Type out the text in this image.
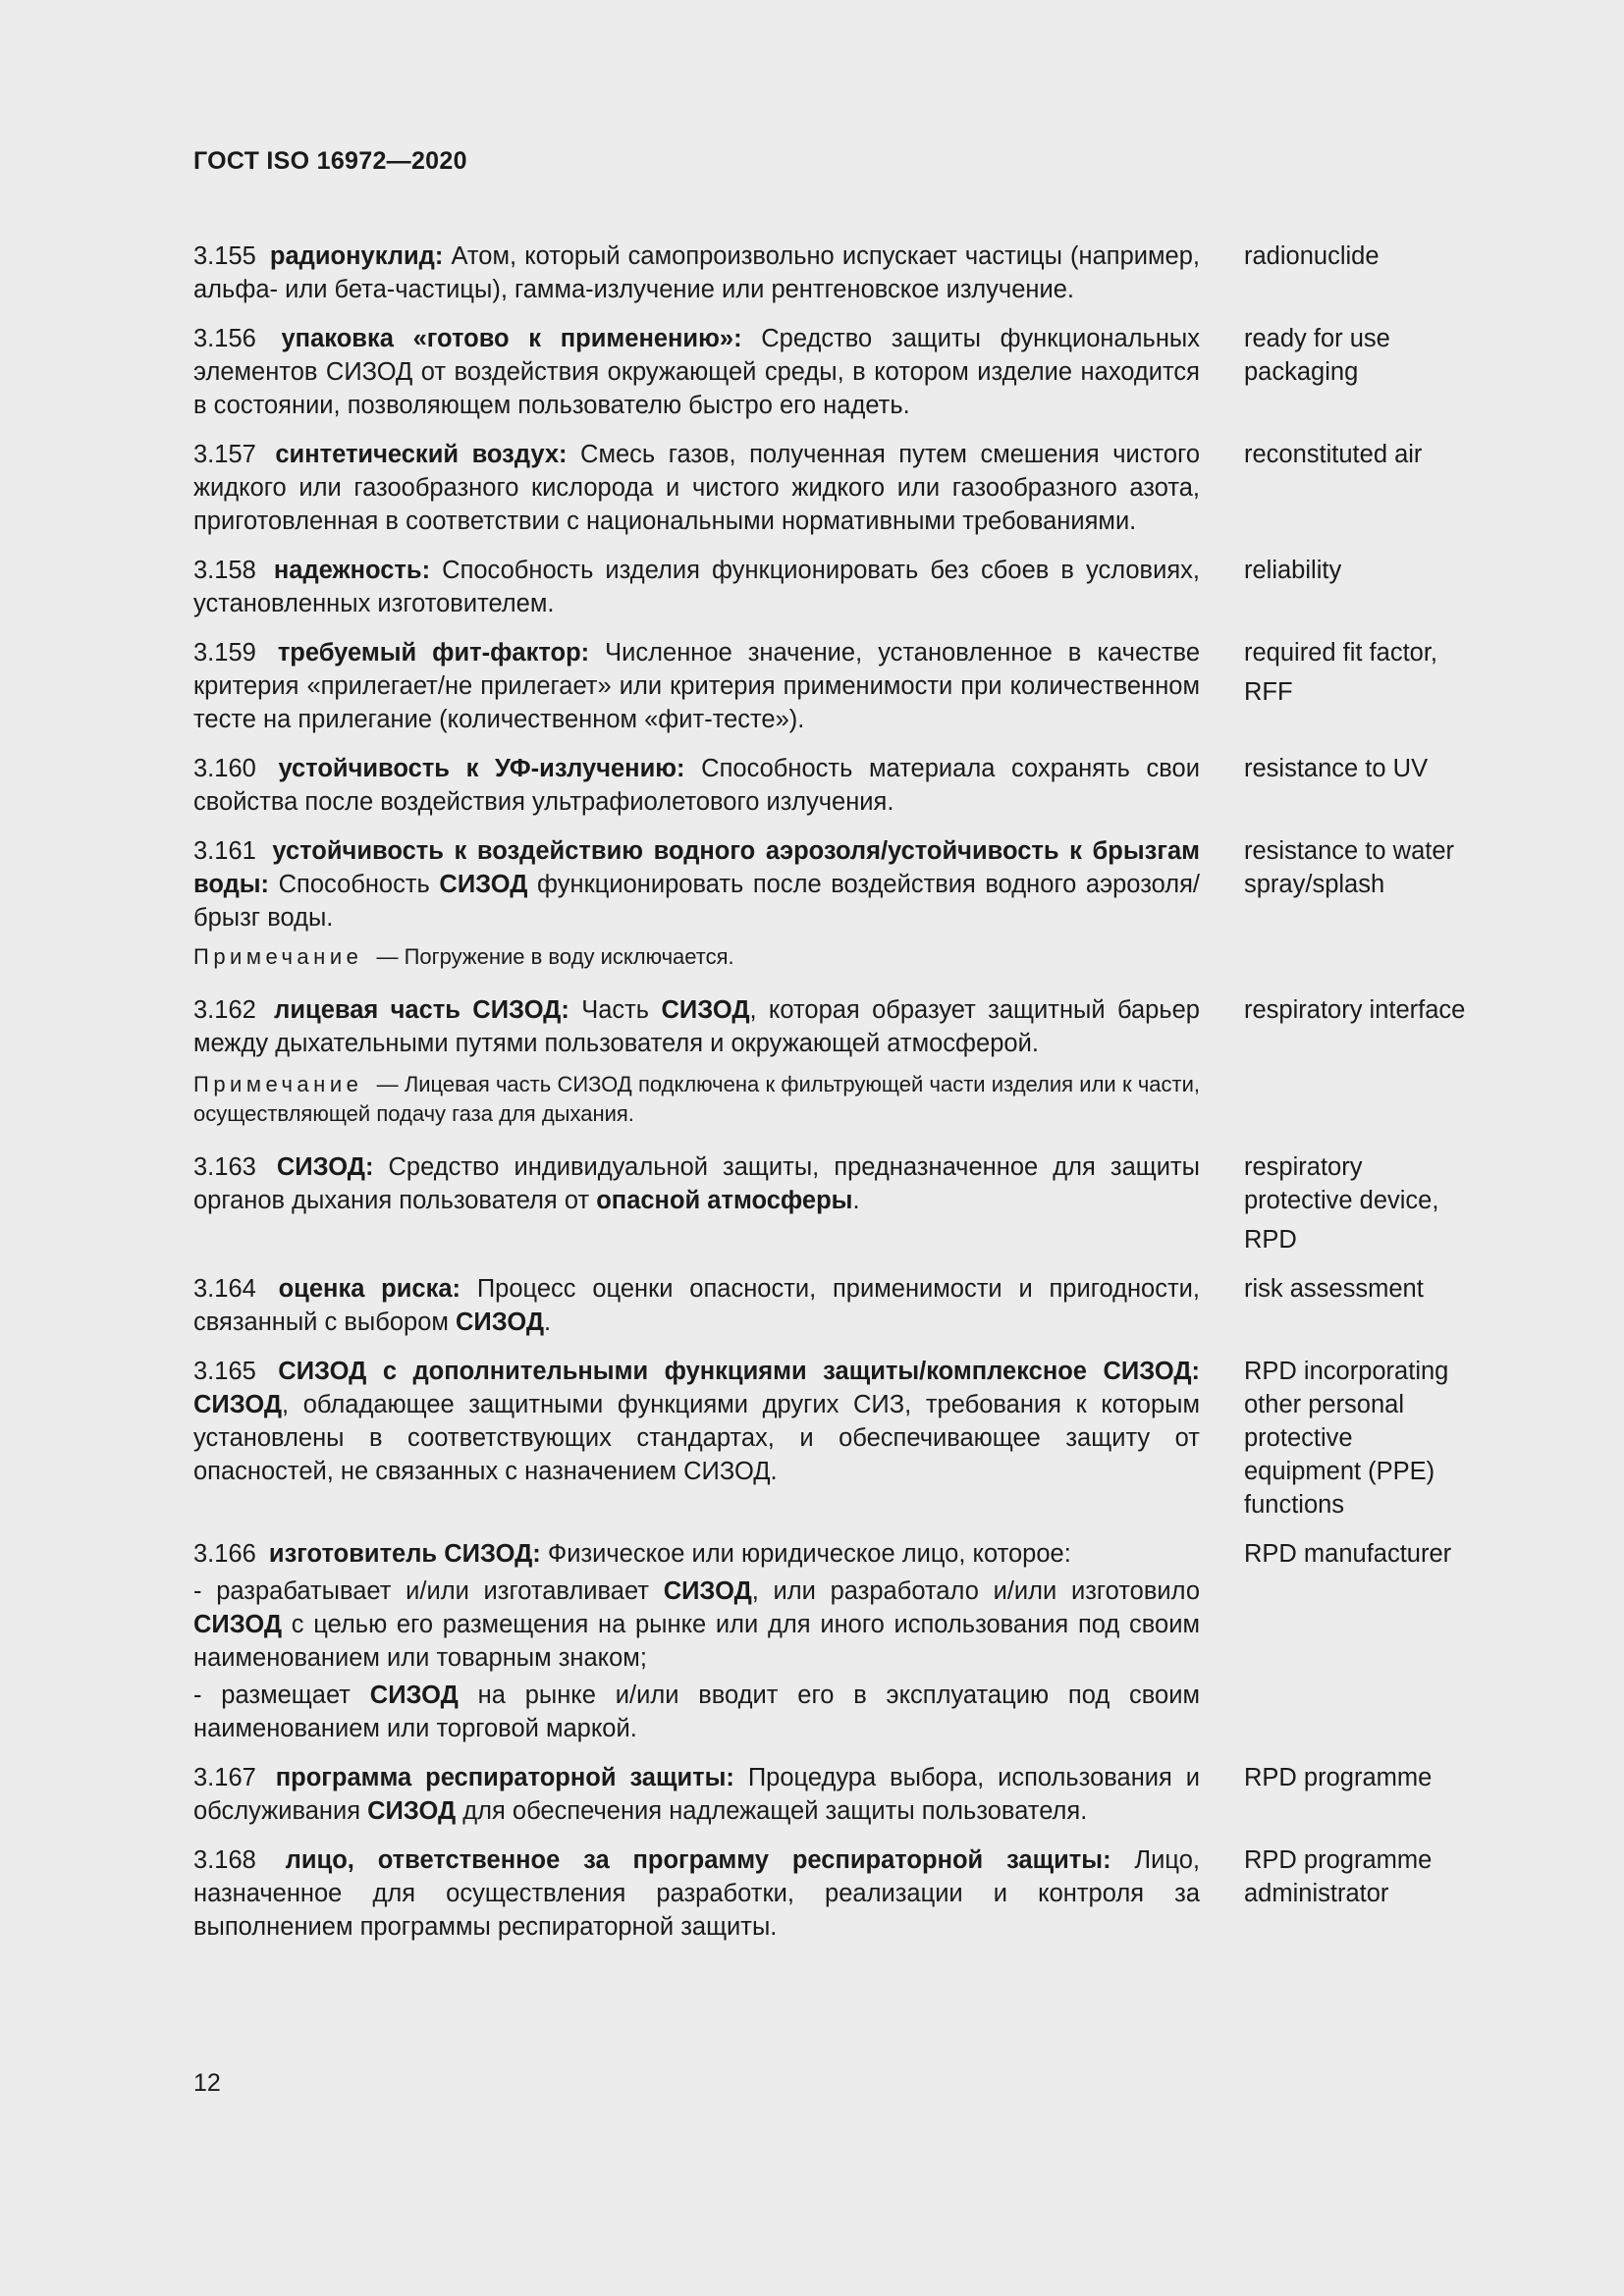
ГОСТ ISO 16972—2020
3.155 радионуклид: Атом, который самопроизвольно испускает частицы (например, альфа- или бета-частицы), гамма-излучение или рентгеновское излучение.
radionuclide
3.156 упаковка «готово к применению»: Средство защиты функциональных элементов СИЗОД от воздействия окружающей среды, в котором изделие находится в состоянии, позволяющем пользователю быстро его надеть.
ready for use
packaging
3.157 синтетический воздух: Смесь газов, полученная путем смешения чистого жидкого или газообразного кислорода и чистого жидкого или газообразного азота, приготовленная в соответствии с национальными нормативными требованиями.
reconstituted air
3.158 надежность: Способность изделия функционировать без сбоев в условиях, установленных изготовителем.
reliability
3.159 требуемый фит-фактор: Численное значение, установленное в качестве критерия «прилегает/не прилегает» или критерия применимости при количественном тесте на прилегание (количественном «фит-тесте»).
required fit factor,
RFF
3.160 устойчивость к УФ-излучению: Способность материала сохранять свои свойства после воздействия ультрафиолетового излучения.
resistance to UV
3.161 устойчивость к воздействию водного аэрозоля/устойчивость к брызгам воды: Способность СИЗОД функционировать после воздействия водного аэрозоля/брызг воды.
resistance to water
spray/splash
Примечание — Погружение в воду исключается.
3.162 лицевая часть СИЗОД: Часть СИЗОД, которая образует защитный барьер между дыхательными путями пользователя и окружающей атмосферой.
respiratory interface
Примечание — Лицевая часть СИЗОД подключена к фильтрующей части изделия или к части, осуществляющей подачу газа для дыхания.
3.163 СИЗОД: Средство индивидуальной защиты, предназначенное для защиты органов дыхания пользователя от опасной атмосферы.
respiratory
protective device,
RPD
3.164 оценка риска: Процесс оценки опасности, применимости и пригодности, связанный с выбором СИЗОД.
risk assessment
3.165 СИЗОД с дополнительными функциями защиты/комплексное СИЗОД: СИЗОД, обладающее защитными функциями других СИЗ, требования к которым установлены в соответствующих стандартах, и обеспечивающее защиту от опасностей, не связанных с назначением СИЗОД.
RPD incorporating
other personal
protective
equipment (PPE)
functions
3.166 изготовитель СИЗОД: Физическое или юридическое лицо, которое:
- разрабатывает и/или изготавливает СИЗОД, или разработало и/или изготовило СИЗОД с целью его размещения на рынке или для иного использования под своим наименованием или товарным знаком;
- размещает СИЗОД на рынке и/или вводит его в эксплуатацию под своим наименованием или торговой маркой.
RPD manufacturer
3.167 программа респираторной защиты: Процедура выбора, использования и обслуживания СИЗОД для обеспечения надлежащей защиты пользователя.
RPD programme
3.168 лицо, ответственное за программу респираторной защиты: Лицо, назначенное для осуществления разработки, реализации и контроля за выполнением программы респираторной защиты.
RPD programme
administrator
12
